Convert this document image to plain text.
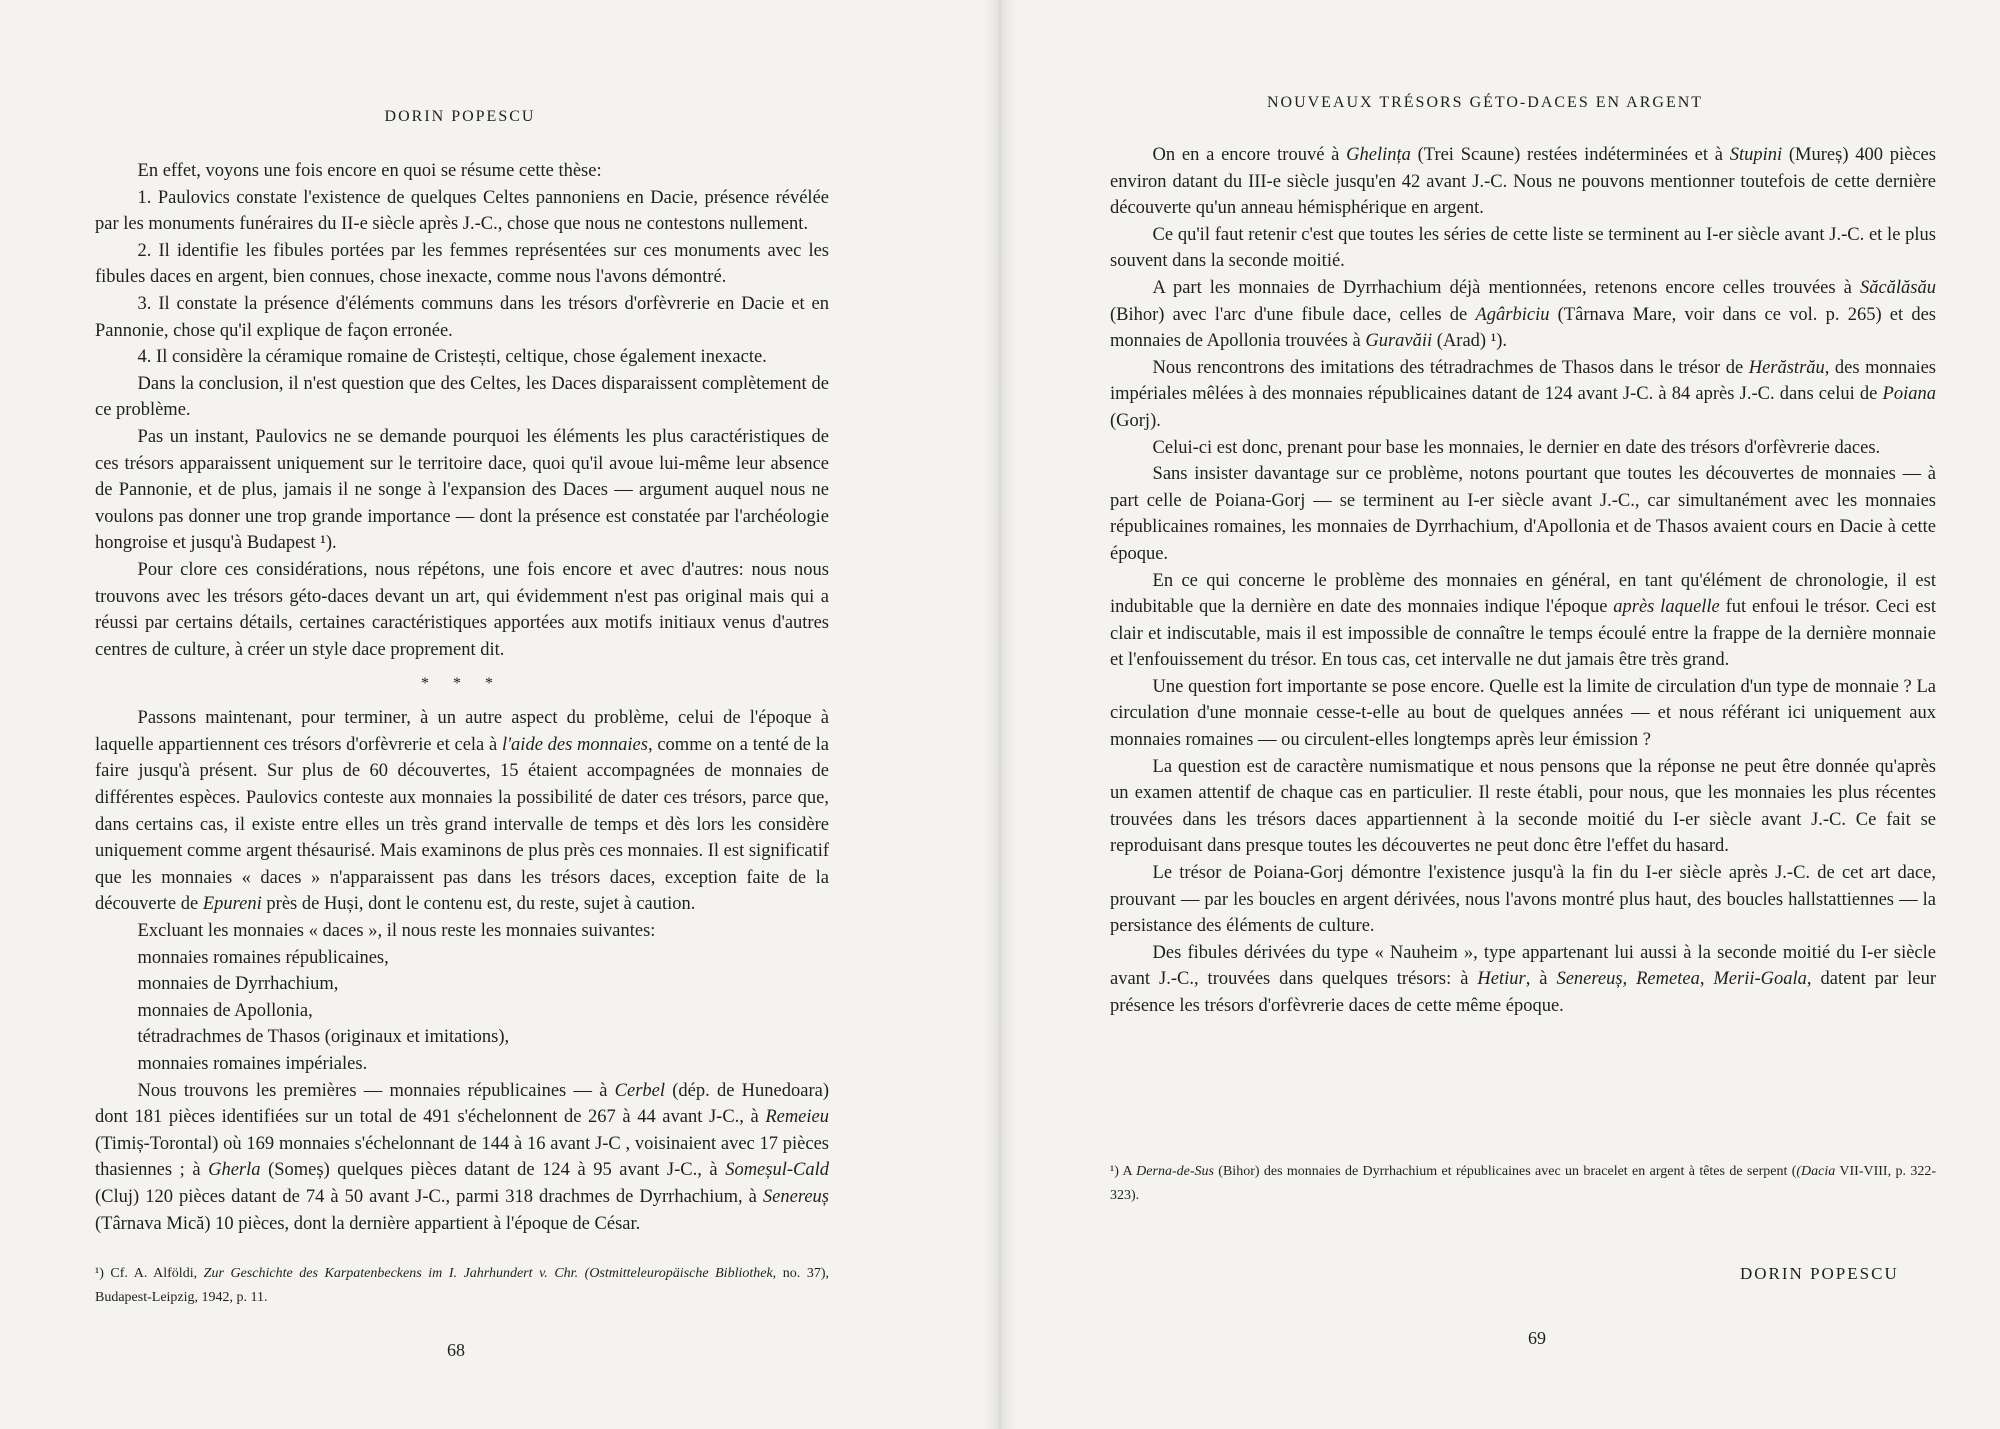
DORIN POPESCU

En effet, voyons une fois encore en quoi se résume cette thèse:

1. Paulovics constate l'existence de quelques Celtes pannoniens en Dacie, présence révélée par les monuments funéraires du II-e siècle après J.-C., chose que nous ne contestons nullement.

2. Il identifie les fibules portées par les femmes représentées sur ces monuments avec les fibules daces en argent, bien connues, chose inexacte, comme nous l'avons démontré.

3. Il constate la présence d'éléments communs dans les trésors d'orfèvrerie en Dacie et en Pannonie, chose qu'il explique de façon erronée.

4. Il considère la céramique romaine de Cristești, celtique, chose également inexacte.

Dans la conclusion, il n'est question que des Celtes, les Daces disparaissent complètement de ce problème.

Pas un instant, Paulovics ne se demande pourquoi les éléments les plus caractéristiques de ces trésors apparaissent uniquement sur le territoire dace, quoi qu'il avoue lui-même leur absence de Pannonie, et de plus, jamais il ne songe à l'expansion des Daces — argument auquel nous ne voulons pas donner une trop grande importance — dont la présence est constatée par l'archéologie hongroise et jusqu'à Budapest ¹).

Pour clore ces considérations, nous répétons, une fois encore et avec d'autres: nous nous trouvons avec les trésors géto-daces devant un art, qui évidemment n'est pas original mais qui a réussi par certains détails, certaines caractéristiques apportées aux motifs initiaux venus d'autres centres de culture, à créer un style dace proprement dit.

* * *

Passons maintenant, pour terminer, à un autre aspect du problème, celui de l'époque à laquelle appartiennent ces trésors d'orfèvrerie et cela à l'aide des monnaies, comme on a tenté de la faire jusqu'à présent. Sur plus de 60 découvertes, 15 étaient accompagnées de monnaies de différentes espèces. Paulovics conteste aux monnaies la possibilité de dater ces trésors, parce que, dans certains cas, il existe entre elles un très grand intervalle de temps et dès lors les considère uniquement comme argent thésaurisé. Mais examinons de plus près ces monnaies. Il est significatif que les monnaies « daces » n'apparaissent pas dans les trésors daces, exception faite de la découverte de Epureni près de Huși, dont le contenu est, du reste, sujet à caution.

Excluant les monnaies « daces », il nous reste les monnaies suivantes:

monnaies romaines républicaines,

monnaies de Dyrrhachium,

monnaies de Apollonia,

tétradrachmes de Thasos (originaux et imitations),

monnaies romaines impériales.

Nous trouvons les premières — monnaies républicaines — à Cerbel (dép. de Hunedoara) dont 181 pièces identifiées sur un total de 491 s'échelonnent de 267 à 44 avant J-C., à Remeieu (Timiș-Torontal) où 169 monnaies s'échelonnant de 144 à 16 avant J-C , voisinaient avec 17 pièces thasiennes ; à Gherla (Someș) quelques pièces datant de 124 à 95 avant J-C., à Someșul-Cald (Cluj) 120 pièces datant de 74 à 50 avant J-C., parmi 318 drachmes de Dyrrhachium, à Senereuș (Târnava Mică) 10 pièces, dont la dernière appartient à l'époque de César.

¹) Cf. A. Alföldi, Zur Geschichte des Karpatenbeckens im I. Jahrhundert v. Chr. (Ostmitteleuropäische Bibliothek, no. 37), Budapest-Leipzig, 1942, p. 11.

68
NOUVEAUX TRÉSORS GÉTO-DACES EN ARGENT

On en a encore trouvé à Ghelința (Trei Scaune) restées indéterminées et à Stupini (Mureș) 400 pièces environ datant du III-e siècle jusqu'en 42 avant J.-C. Nous ne pouvons mentionner toutefois de cette dernière découverte qu'un anneau hémisphérique en argent.

Ce qu'il faut retenir c'est que toutes les séries de cette liste se terminent au I-er siècle avant J.-C. et le plus souvent dans la seconde moitié.

A part les monnaies de Dyrrhachium déjà mentionnées, retenons encore celles trouvées à Săcălăsău (Bihor) avec l'arc d'une fibule dace, celles de Agârbiciu (Târnava Mare, voir dans ce vol. p. 265) et des monnaies de Apollonia trouvées à Guravăii (Arad) ¹).

Nous rencontrons des imitations des tétradrachmes de Thasos dans le trésor de Herăstrău, des monnaies impériales mêlées à des monnaies républicaines datant de 124 avant J-C. à 84 après J.-C. dans celui de Poiana (Gorj).

Celui-ci est donc, prenant pour base les monnaies, le dernier en date des trésors d'orfèvrerie daces.

Sans insister davantage sur ce problème, notons pourtant que toutes les découvertes de monnaies — à part celle de Poiana-Gorj — se terminent au I-er siècle avant J.-C., car simultanément avec les monnaies républicaines romaines, les monnaies de Dyrrhachium, d'Apollonia et de Thasos avaient cours en Dacie à cette époque.

En ce qui concerne le problème des monnaies en général, en tant qu'élément de chronologie, il est indubitable que la dernière en date des monnaies indique l'époque après laquelle fut enfoui le trésor. Ceci est clair et indiscutable, mais il est impossible de connaître le temps écoulé entre la frappe de la dernière monnaie et l'enfouissement du trésor. En tous cas, cet intervalle ne dut jamais être très grand.

Une question fort importante se pose encore. Quelle est la limite de circulation d'un type de monnaie ? La circulation d'une monnaie cesse-t-elle au bout de quelques années — et nous référant ici uniquement aux monnaies romaines — ou circulent-elles longtemps après leur émission ?

La question est de caractère numismatique et nous pensons que la réponse ne peut être donnée qu'après un examen attentif de chaque cas en particulier. Il reste établi, pour nous, que les monnaies les plus récentes trouvées dans les trésors daces appartiennent à la seconde moitié du I-er siècle avant J.-C. Ce fait se reproduisant dans presque toutes les découvertes ne peut donc être l'effet du hasard.

Le trésor de Poiana-Gorj démontre l'existence jusqu'à la fin du I-er siècle après J.-C. de cet art dace, prouvant — par les boucles en argent dérivées, nous l'avons montré plus haut, des boucles hallstattiennes — la persistance des éléments de culture.

Des fibules dérivées du type « Nauheim », type appartenant lui aussi à la seconde moitié du I-er siècle avant J.-C., trouvées dans quelques trésors: à Hetiur, à Senereuș, Remetea, Merii-Goala, datent par leur présence les trésors d'orfèvrerie daces de cette même époque.

¹) A Derna-de-Sus (Bihor) des monnaies de Dyrrhachium et républicaines avec un bracelet en argent à têtes de serpent ((Dacia VII-VIII, p. 322-323).

DORIN POPESCU
69
